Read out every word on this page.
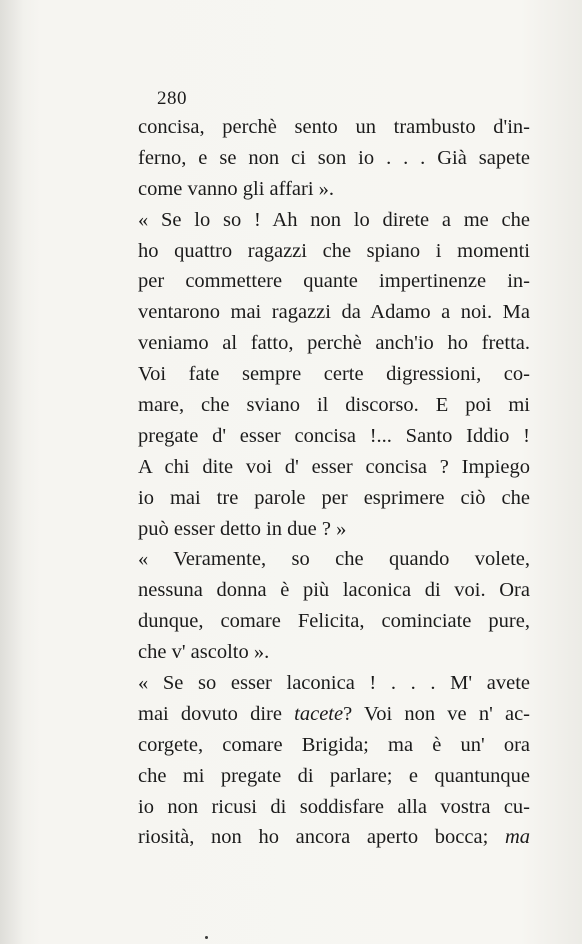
280
concisa, perchè sento un trambusto d'in-
ferno, e se non ci son io . . . Già sapete
come vanno gli affari ».
« Se lo so ! Ah non lo direte a me che
ho quattro ragazzi che spiano i momenti
per commettere quante impertinenze in-
ventarono mai ragazzi da Adamo a noi. Ma
veniamo al fatto, perchè anch'io ho fretta.
Voi fate sempre certe digressioni, co-
mare, che sviano il discorso. E poi mi
pregate d' esser concisa !... Santo Iddio !
A chi dite voi d' esser concisa ? Impiego
io mai tre parole per esprimere ciò che
può esser detto in due ? »
« Veramente, so che quando volete,
nessuna donna è più laconica di voi. Ora
dunque, comare Felicita, cominciate pure,
che v' ascolto ».
« Se so esser laconica ! . . . M' avete
mai dovuto dire tacete? Voi non ve n' ac-
corgete, comare Brigida; ma è un' ora
che mi pregate di parlare; e quantunque
io non ricusi di soddisfare alla vostra cu-
riosità, non ho ancora aperto bocca; ma
